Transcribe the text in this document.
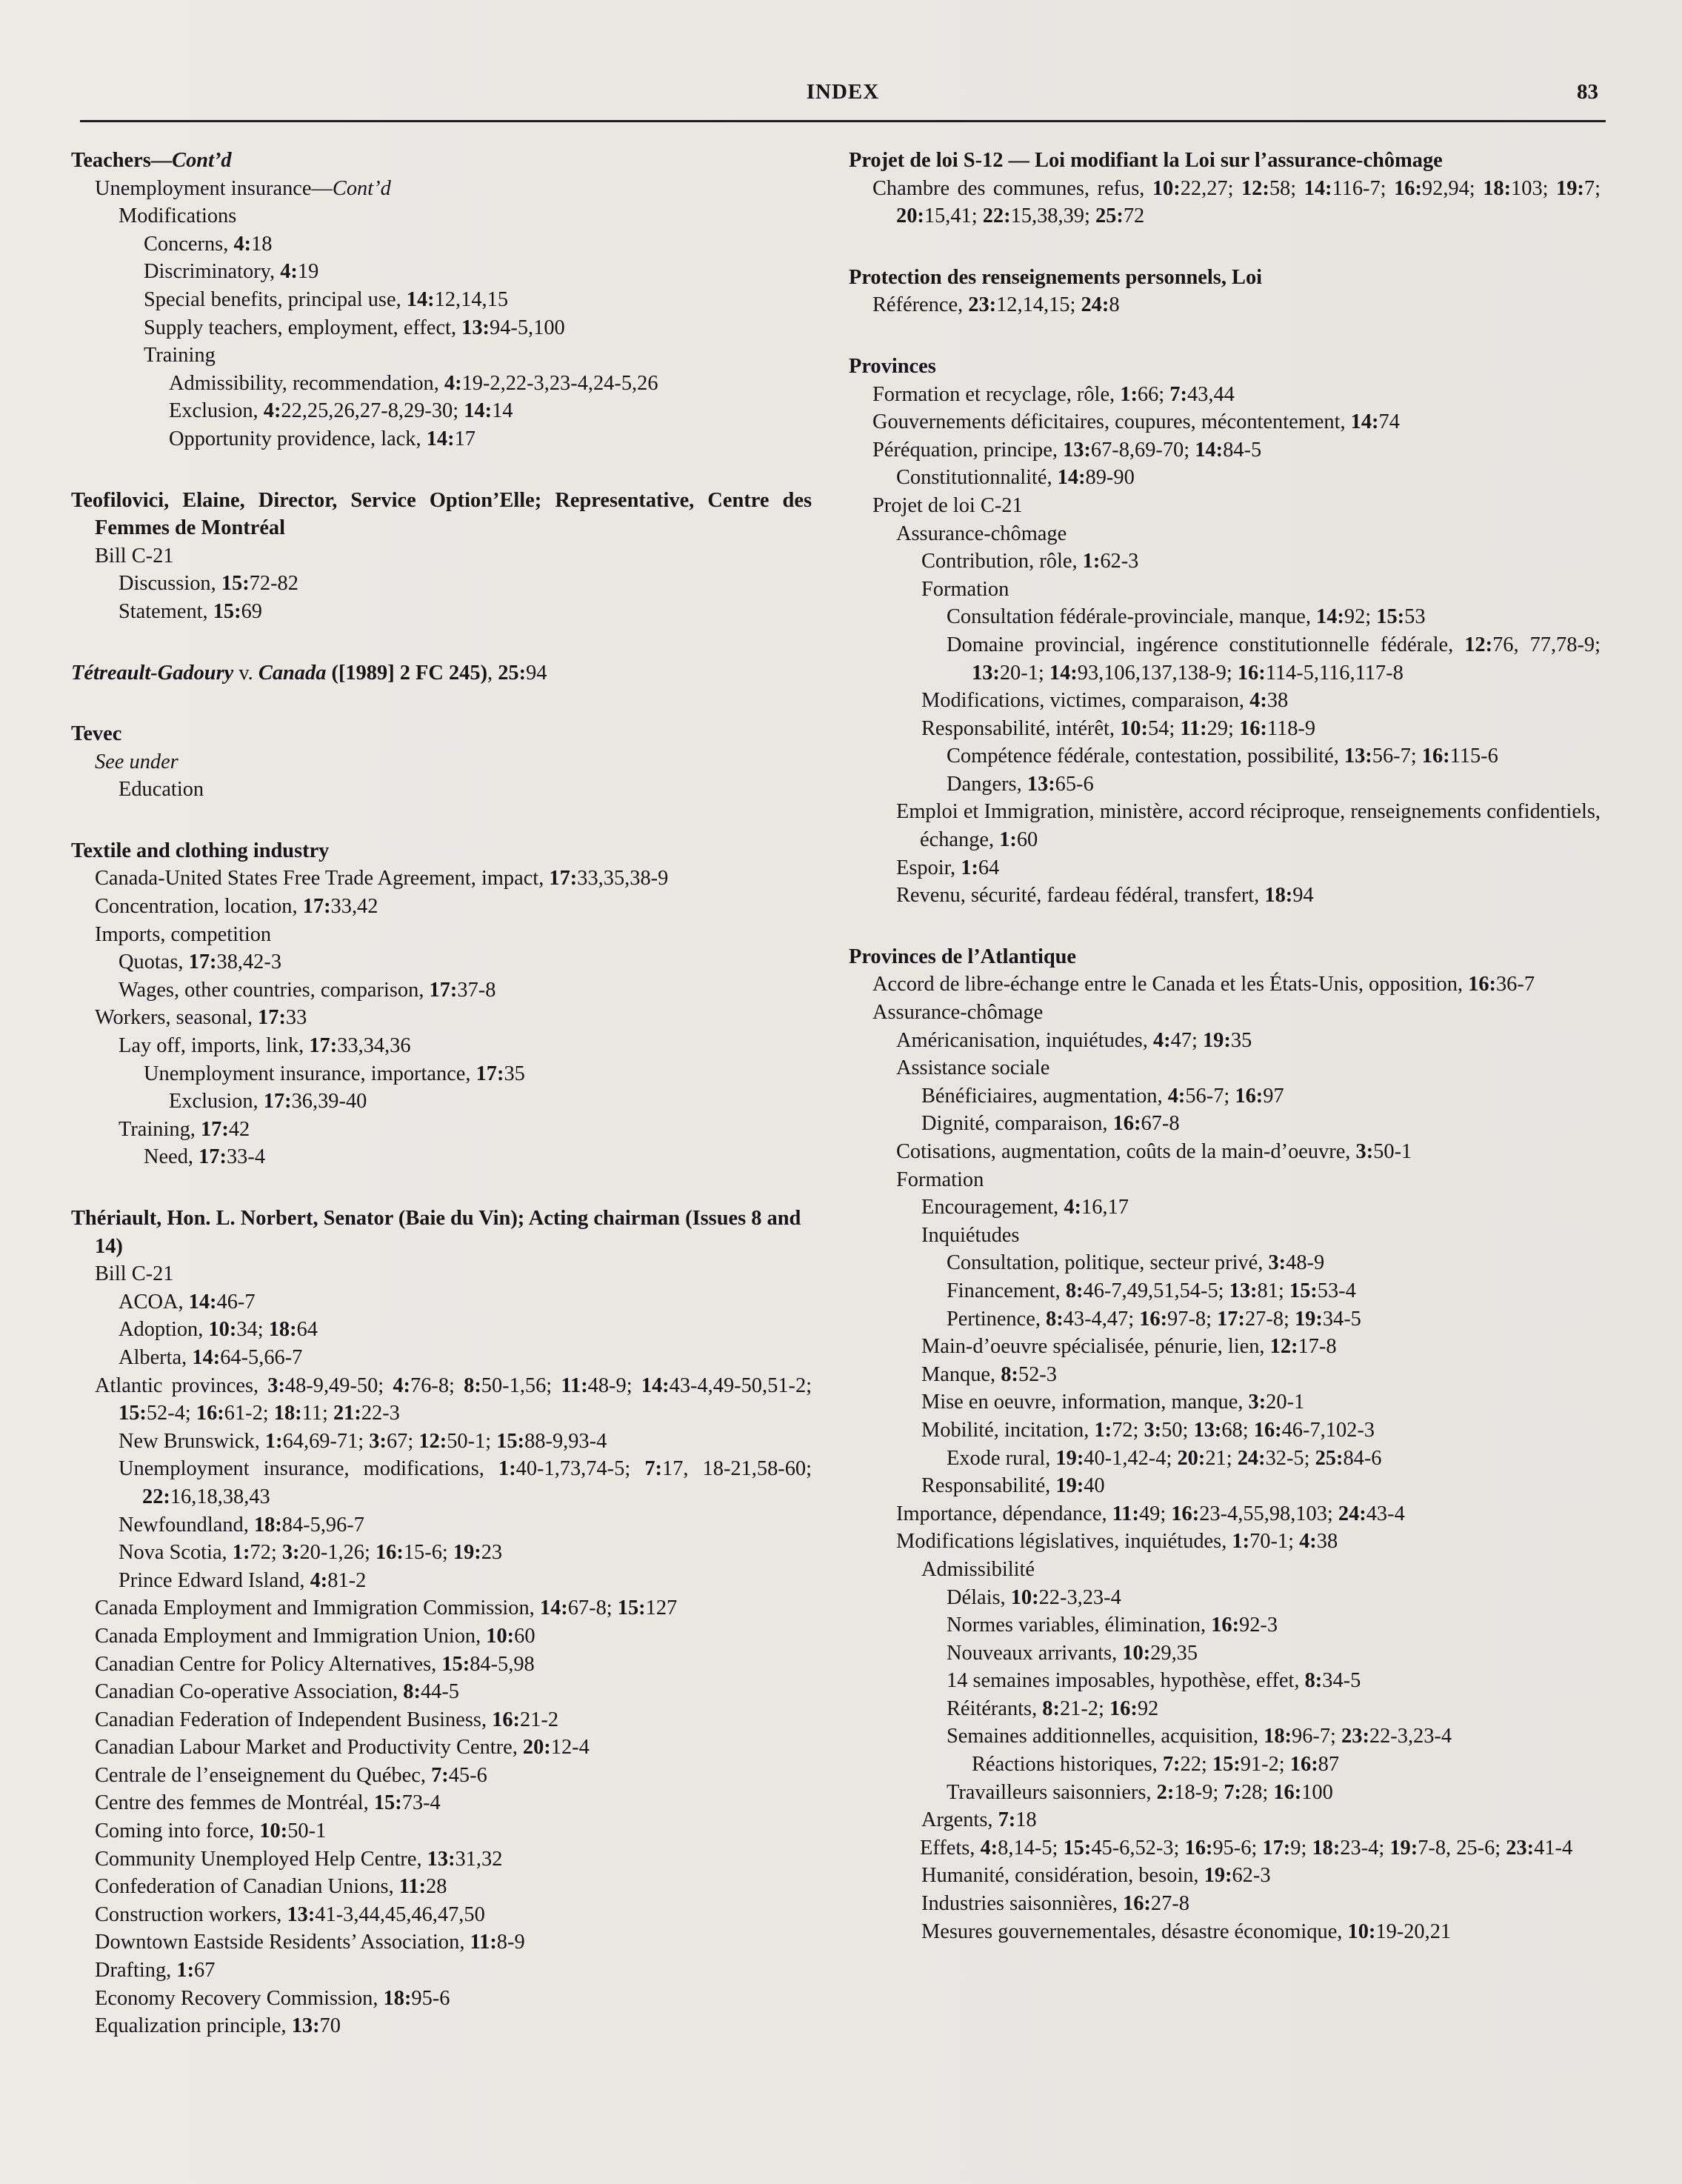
INDEX	83
Teachers—Cont’d
Unemployment insurance—Cont’d
Modifications
Concerns, 4:18
Discriminatory, 4:19
Special benefits, principal use, 14:12,14,15
Supply teachers, employment, effect, 13:94-5,100
Training
Admissibility, recommendation, 4:19-2,22-3,23-4,24-5,26
Exclusion, 4:22,25,26,27-8,29-30; 14:14
Opportunity providence, lack, 14:17
Teofilovici, Elaine, Director, Service Option’Elle; Representative, Centre des Femmes de Montréal
Bill C-21
Discussion, 15:72-82
Statement, 15:69
Tétreault-Gadoury v. Canada ([1989] 2 FC 245), 25:94
Tevec
See under
Education
Textile and clothing industry
Canada-United States Free Trade Agreement, impact, 17:33,35,38-9
Concentration, location, 17:33,42
Imports, competition
Quotas, 17:38,42-3
Wages, other countries, comparison, 17:37-8
Workers, seasonal, 17:33
Lay off, imports, link, 17:33,34,36
Unemployment insurance, importance, 17:35
Exclusion, 17:36,39-40
Training, 17:42
Need, 17:33-4
Thériault, Hon. L. Norbert, Senator (Baie du Vin); Acting chairman (Issues 8 and 14)
Bill C-21
ACOA, 14:46-7
Adoption, 10:34; 18:64
Alberta, 14:64-5,66-7
Atlantic provinces, 3:48-9,49-50; 4:76-8; 8:50-1,56; 11:48-9; 14:43-4,49-50,51-2; 15:52-4; 16:61-2; 18:11; 21:22-3
New Brunswick, 1:64,69-71; 3:67; 12:50-1; 15:88-9,93-4
Unemployment insurance, modifications, 1:40-1,73,74-5; 7:17, 18-21,58-60; 22:16,18,38,43
Newfoundland, 18:84-5,96-7
Nova Scotia, 1:72; 3:20-1,26; 16:15-6; 19:23
Prince Edward Island, 4:81-2
Canada Employment and Immigration Commission, 14:67-8; 15:127
Canada Employment and Immigration Union, 10:60
Canadian Centre for Policy Alternatives, 15:84-5,98
Canadian Co-operative Association, 8:44-5
Canadian Federation of Independent Business, 16:21-2
Canadian Labour Market and Productivity Centre, 20:12-4
Centrale de l’enseignement du Québec, 7:45-6
Centre des femmes de Montréal, 15:73-4
Coming into force, 10:50-1
Community Unemployed Help Centre, 13:31,32
Confederation of Canadian Unions, 11:28
Construction workers, 13:41-3,44,45,46,47,50
Downtown Eastside Residents’ Association, 11:8-9
Drafting, 1:67
Economy Recovery Commission, 18:95-6
Equalization principle, 13:70
Projet de loi S-12 — Loi modifiant la Loi sur l’assurance-chômage
Chambre des communes, refus, 10:22,27; 12:58; 14:116-7; 16:92,94; 18:103; 19:7; 20:15,41; 22:15,38,39; 25:72
Protection des renseignements personnels, Loi
Référence, 23:12,14,15; 24:8
Provinces
Formation et recyclage, rôle, 1:66; 7:43,44
Gouvernements déficitaires, coupures, mécontentement, 14:74
Péréquation, principe, 13:67-8,69-70; 14:84-5
Constitutionnalité, 14:89-90
Projet de loi C-21
Assurance-chômage
Contribution, rôle, 1:62-3
Formation
Consultation fédérale-provinciale, manque, 14:92; 15:53
Domaine provincial, ingérence constitutionnelle fédérale, 12:76, 77,78-9; 13:20-1; 14:93,106,137,138-9; 16:114-5,116,117-8
Modifications, victimes, comparaison, 4:38
Responsabilité, intérêt, 10:54; 11:29; 16:118-9
Compétence fédérale, contestation, possibilité, 13:56-7; 16:115-6
Dangers, 13:65-6
Emploi et Immigration, ministère, accord réciproque, renseignements confidentiels, échange, 1:60
Espoir, 1:64
Revenu, sécurité, fardeau fédéral, transfert, 18:94
Provinces de l’Atlantique
Accord de libre-échange entre le Canada et les États-Unis, opposition, 16:36-7
Assurance-chômage
Américanisation, inquiétudes, 4:47; 19:35
Assistance sociale
Bénéficiaires, augmentation, 4:56-7; 16:97
Dignité, comparaison, 16:67-8
Cotisations, augmentation, coûts de la main-d’oeuvre, 3:50-1
Formation
Encouragement, 4:16,17
Inquiétudes
Consultation, politique, secteur privé, 3:48-9
Financement, 8:46-7,49,51,54-5; 13:81; 15:53-4
Pertinence, 8:43-4,47; 16:97-8; 17:27-8; 19:34-5
Main-d’oeuvre spécialisée, pénurie, lien, 12:17-8
Manque, 8:52-3
Mise en oeuvre, information, manque, 3:20-1
Mobilité, incitation, 1:72; 3:50; 13:68; 16:46-7,102-3
Exode rural, 19:40-1,42-4; 20:21; 24:32-5; 25:84-6
Responsabilité, 19:40
Importance, dépendance, 11:49; 16:23-4,55,98,103; 24:43-4
Modifications législatives, inquiétudes, 1:70-1; 4:38
Admissibilité
Délais, 10:22-3,23-4
Normes variables, élimination, 16:92-3
Nouveaux arrivants, 10:29,35
14 semaines imposables, hypothèse, effet, 8:34-5
Réitérants, 8:21-2; 16:92
Semaines additionnelles, acquisition, 18:96-7; 23:22-3,23-4
Réactions historiques, 7:22; 15:91-2; 16:87
Travailleurs saisonniers, 2:18-9; 7:28; 16:100
Argents, 7:18
Effets, 4:8,14-5; 15:45-6,52-3; 16:95-6; 17:9; 18:23-4; 19:7-8, 25-6; 23:41-4
Humanité, considération, besoin, 19:62-3
Industries saisonnières, 16:27-8
Mesures gouvernementales, désastre économique, 10:19-20,21
